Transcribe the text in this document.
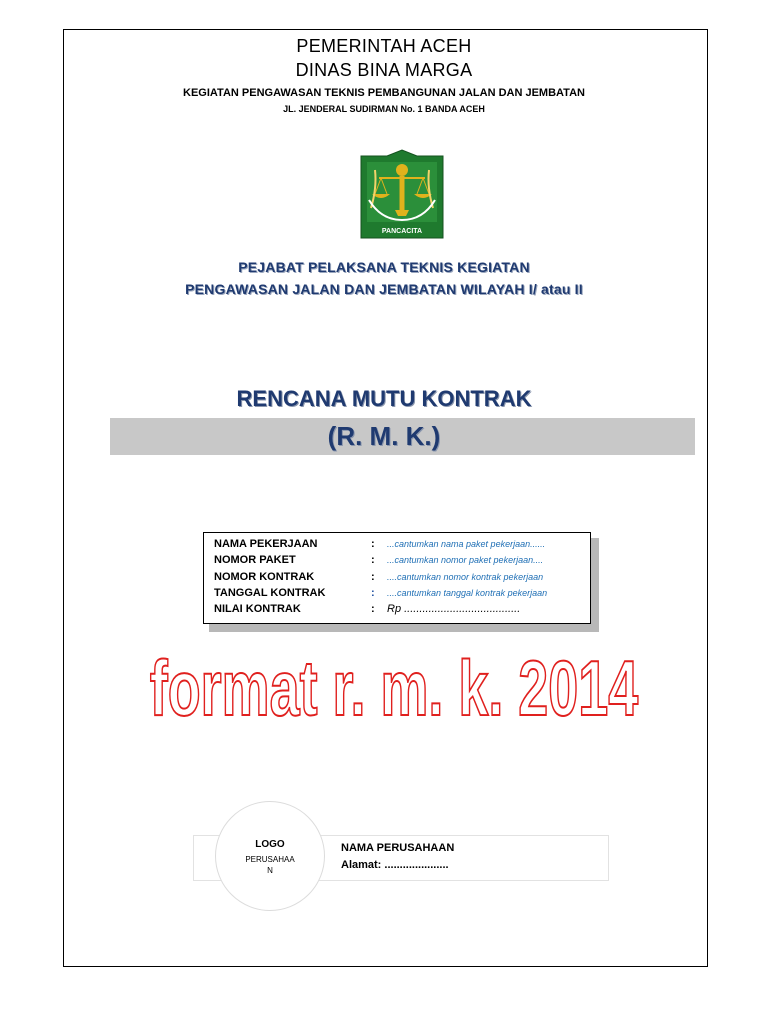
PEMERINTAH ACEH
DINAS BINA MARGA
KEGIATAN PENGAWASAN TEKNIS PEMBANGUNAN JALAN DAN JEMBATAN
JL. JENDERAL SUDIRMAN No. 1 BANDA ACEH
PANCACITA
PEJABAT PELAKSANA TEKNIS KEGIATAN
PENGAWASAN JALAN DAN JEMBATAN WILAYAH I/ atau II
RENCANA MUTU KONTRAK
(R. M. K.)
NAMA PEKERJAAN	: ...cantumkan nama paket pekerjaan......
NOMOR PAKET	: ...cantumkan nomor paket pekerjaan....
NOMOR KONTRAK	: ....cantumkan nomor kontrak pekerjaan
TANGGAL KONTRAK	: ....cantumkan tanggal kontrak pekerjaan
NILAI KONTRAK	: Rp ......................................
format r. m. k. 2014
LOGO
PERUSAHAA
N
NAMA PERUSAHAAN
Alamat: .....................
